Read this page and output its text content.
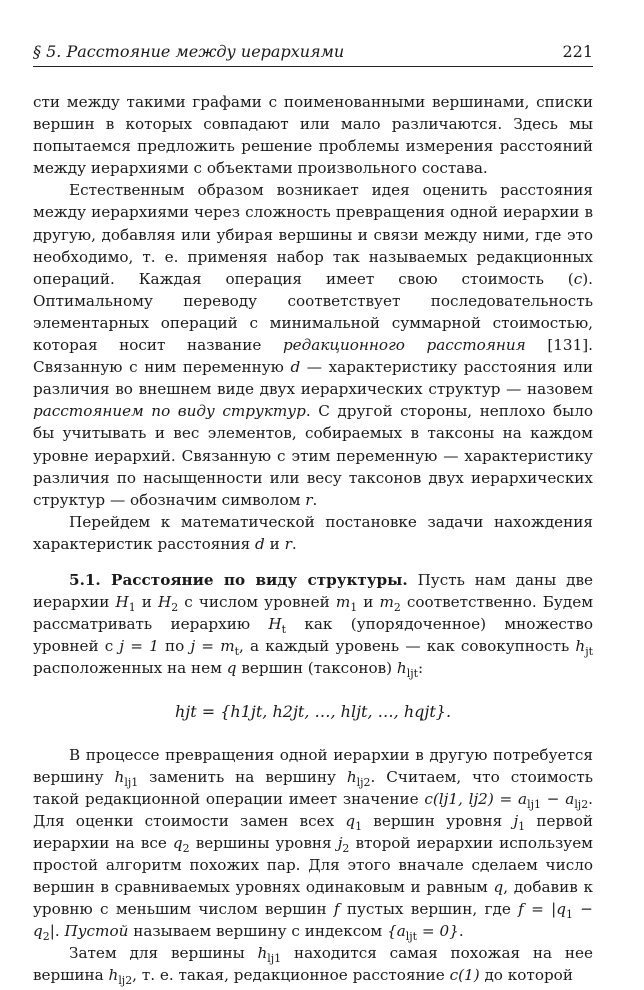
§ 5. Расстояние между иерархиями	221

сти между такими графами с поименованными вершинами, списки вершин в которых совпадают или мало различаются. Здесь мы попытаемся предложить решение проблемы измерения расстояний между иерархиями с объектами произвольного состава.

Естественным образом возникает идея оценить расстояния между иерархиями через сложность превращения одной иерархии в другую, добавляя или убирая вершины и связи между ними, где это необходимо, т. е. применяя набор так называемых редакционных операций. Каждая операция имеет свою стоимость (c). Оптимальному переводу соответствует последовательность элементарных операций с минимальной суммарной стоимостью, которая носит название редакционного расстояния [131]. Связанную с ним переменную d — характеристику расстояния или различия во внешнем виде двух иерархических структур — назовем расстоянием по виду структур. С другой стороны, неплохо было бы учитывать и вес элементов, собираемых в таксоны на каждом уровне иерархий. Связанную с этим переменную — характеристику различия по насыщенности или весу таксонов двух иерархических структур — обозначим символом r.

Перейдем к математической постановке задачи нахождения характеристик расстояния d и r.

5.1. Расстояние по виду структуры. Пусть нам даны две иерархии $H_1$ и $H_2$ с числом уровней $m_1$ и $m_2$ соответственно. Будем рассматривать иерархию $H_t$ как (упорядоченное) множество уровней с j = 1 по $j = m_t$, а каждый уровень — как совокупность $h_{jt}$ расположенных на нем q вершин (таксонов) $h_{ljt}$:

hjt = {h1jt, h2jt, …, hljt, …, hqjt}.

В процессе превращения одной иерархии в другую потребуется вершину $h_{lj1}$ заменить на вершину $h_{lj2}$. Считаем, что стоимость такой редакционной операции имеет значение c(lj1, $lj2) = a_{lj1} - a_{lj2}$. Для оценки стоимости замен всех $q_1$ вершин уровня $j_1$ первой иерархии на все $q_2$ вершины уровня $j_2$ второй иерархии используем простой алгоритм похожих пар. Для этого вначале сделаем число вершин в сравниваемых уровнях одинаковым и равным q, добавив к уровню с меньшим числом вершин f пустых вершин, где $f = |q_1 - q_2|$. Пустой называем вершину с индексом $\{a_{ljt} = 0\}$.

Затем для вершины $h_{lj1}$ находится самая похожая на нее вершина $h_{lj2}$, т. е. такая, редакционное расстояние c(1) до которой
